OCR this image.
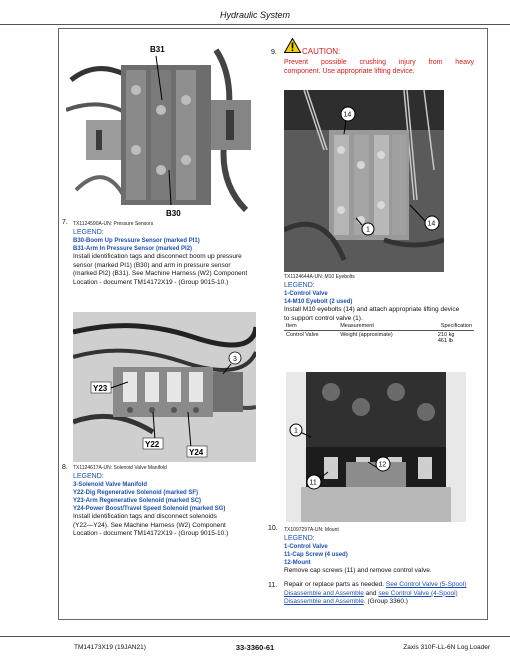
Hydraulic System
B31
B30
TX1124590A-UN: Pressure Sensors
7.
LEGEND:
B30-Boom Up Pressure Sensor (marked PI1)
B31-Arm In Pressure Sensor (marked PI2)
Install identification tags and disconnect boom up pressure
sensor (marked PI1) (B30) and arm in pressure sensor
(marked PI2) (B31). See Machine Harness (W2) Component
Location - document TM14172X19 - (Group 9015-10.)
Y23
Y22
Y24
3
TX1124617A-UN: Solenoid Valve Manifold
8.
LEGEND:
3-Solenoid Valve Manifold
Y22-Dig Regenerative Solenoid (marked SF)
Y23-Arm Regenerative Solenoid (marked SC)
Y24-Power Boost/Travel Speed Solenoid (marked SG)
Install identification tags and disconnect solenoids
(Y22—Y24). See Machine Harness (W2) Component
Location - document TM14172X19 - (Group 9015-10.)
9.	CAUTION:
Prevent possible crushing injury from heavy
component. Use appropriate lifting device.
14
14
1
TX1124644A-UN: M10 Eyebolts
LEGEND:
1-Control Valve
14-M10 Eyebolt (2 used)
Install M10 eyebolts (14) and attach appropriate lifting device
to support control valve (1).
Item	Measurement	Specification
Control Valve	Weight (approximate)	210 kg
461 lb
1
12
11
10. TX1097297A-UN: Mount
LEGEND:
1-Control Valve
11-Cap Screw (4 used)
12-Mount
Remove cap screws (11) and remove control valve.
11. Repair or replace parts as needed. See Control Valve (5-Spool) Disassemble and Assemble and see Control Valve (4-Spool) Disassemble and Assemble. (Group 3360.)
TM14173X19 (19JAN21)	33-3360-61	Zaxis 310F-LL-6N Log Loader
